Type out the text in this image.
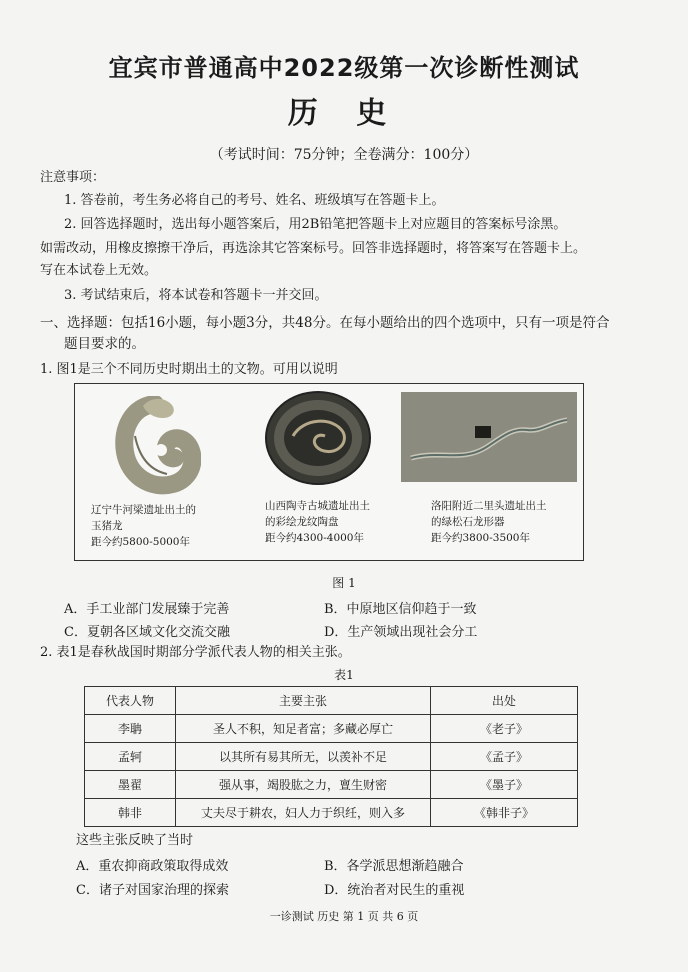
宜宾市普通高中2022级第一次诊断性测试
历 史
（考试时间：75分钟；全卷满分：100分）
注意事项：
1. 答卷前，考生务必将自己的考号、姓名、班级填写在答题卡上。
2. 回答选择题时，选出每小题答案后，用2B铅笔把答题卡上对应题目的答案标号涂黑。
如需改动，用橡皮擦擦干净后，再选涂其它答案标号。回答非选择题时，将答案写在答题卡上。
写在本试卷上无效。
3. 考试结束后，将本试卷和答题卡一并交回。
一、选择题：包括16小题，每小题3分，共48分。在每小题给出的四个选项中，只有一项是符合
题目要求的。
1. 图1是三个不同历史时期出土的文物。可用以说明
辽宁牛河梁遗址出土的
玉猪龙
距今约5800-5000年
山西陶寺古城遗址出土
的彩绘龙纹陶盘
距今约4300-4000年
洛阳附近二里头遗址出土
的绿松石龙形器
距今约3800-3500年
图 1
A．手工业部门发展臻于完善	B．中原地区信仰趋于一致
C．夏朝各区域文化交流交融	D．生产领域出现社会分工
2. 表1是春秋战国时期部分学派代表人物的相关主张。
表1
代表人物	主要主张	出处
李聃	圣人不积，知足者富；多藏必厚亡	《老子》
孟轲	以其所有易其所无，以羡补不足	《孟子》
墨翟	强从事，竭股肱之力，亶生财密	《墨子》
韩非	丈夫尽于耕农，妇人力于织纴，则入多	《韩非子》
这些主张反映了当时
A．重农抑商政策取得成效	B．各学派思想渐趋融合
C．诸子对国家治理的探索	D．统治者对民生的重视
一诊测试 历史 第 1 页 共 6 页
